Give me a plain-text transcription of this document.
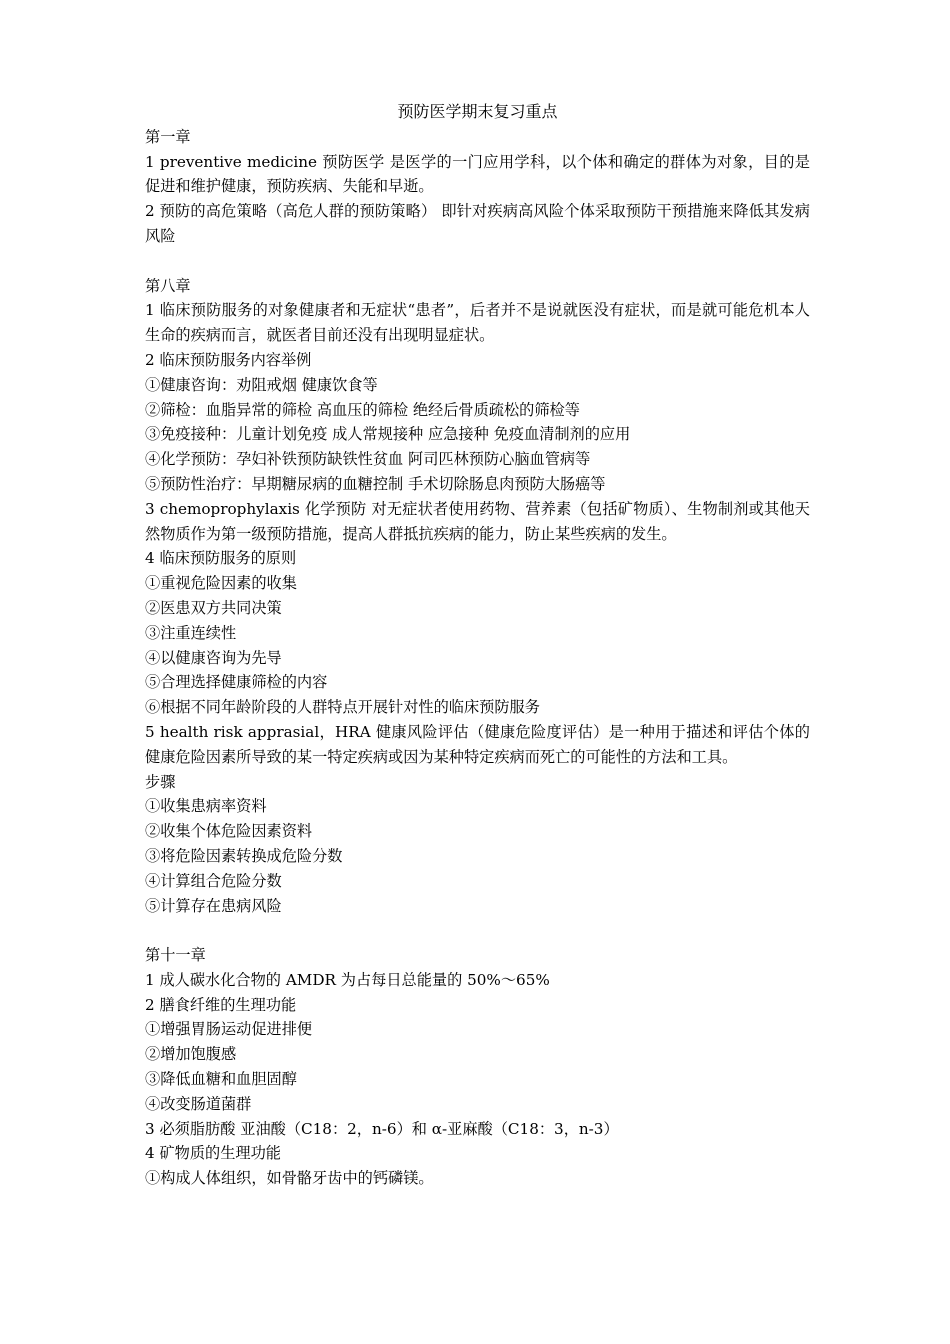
预防医学期末复习重点

第一章

1 preventive medicine 预防医学 是医学的一门应用学科，以个体和确定的群体为对象，目的是促进和维护健康，预防疾病、失能和早逝。

2 预防的高危策略（高危人群的预防策略） 即针对疾病高风险个体采取预防干预措施来降低其发病风险

第八章

1 临床预防服务的对象健康者和无症状“患者”，后者并不是说就医没有症状，而是就可能危机本人生命的疾病而言，就医者目前还没有出现明显症状。

2 临床预防服务内容举例

①健康咨询：劝阻戒烟 健康饮食等

②筛检：血脂异常的筛检 高血压的筛检 绝经后骨质疏松的筛检等

③免疫接种：儿童计划免疫 成人常规接种 应急接种 免疫血清制剂的应用

④化学预防：孕妇补铁预防缺铁性贫血 阿司匹林预防心脑血管病等

⑤预防性治疗：早期糖尿病的血糖控制 手术切除肠息肉预防大肠癌等

3 chemoprophylaxis 化学预防 对无症状者使用药物、营养素（包括矿物质）、生物制剂或其他天然物质作为第一级预防措施，提高人群抵抗疾病的能力，防止某些疾病的发生。

4 临床预防服务的原则

①重视危险因素的收集

②医患双方共同决策

③注重连续性

④以健康咨询为先导

⑤合理选择健康筛检的内容

⑥根据不同年龄阶段的人群特点开展针对性的临床预防服务

5 health risk apprasial，HRA 健康风险评估（健康危险度评估）是一种用于描述和评估个体的健康危险因素所导致的某一特定疾病或因为某种特定疾病而死亡的可能性的方法和工具。

步骤

①收集患病率资料

②收集个体危险因素资料

③将危险因素转换成危险分数

④计算组合危险分数

⑤计算存在患病风险

第十一章

1 成人碳水化合物的 AMDR 为占每日总能量的 50%～65%

2 膳食纤维的生理功能

①增强胃肠运动促进排便

②增加饱腹感

③降低血糖和血胆固醇

④改变肠道菌群

3 必须脂肪酸 亚油酸（C18：2，n-6）和 α-亚麻酸（C18：3，n-3）

4 矿物质的生理功能

①构成人体组织，如骨骼牙齿中的钙磷镁。
